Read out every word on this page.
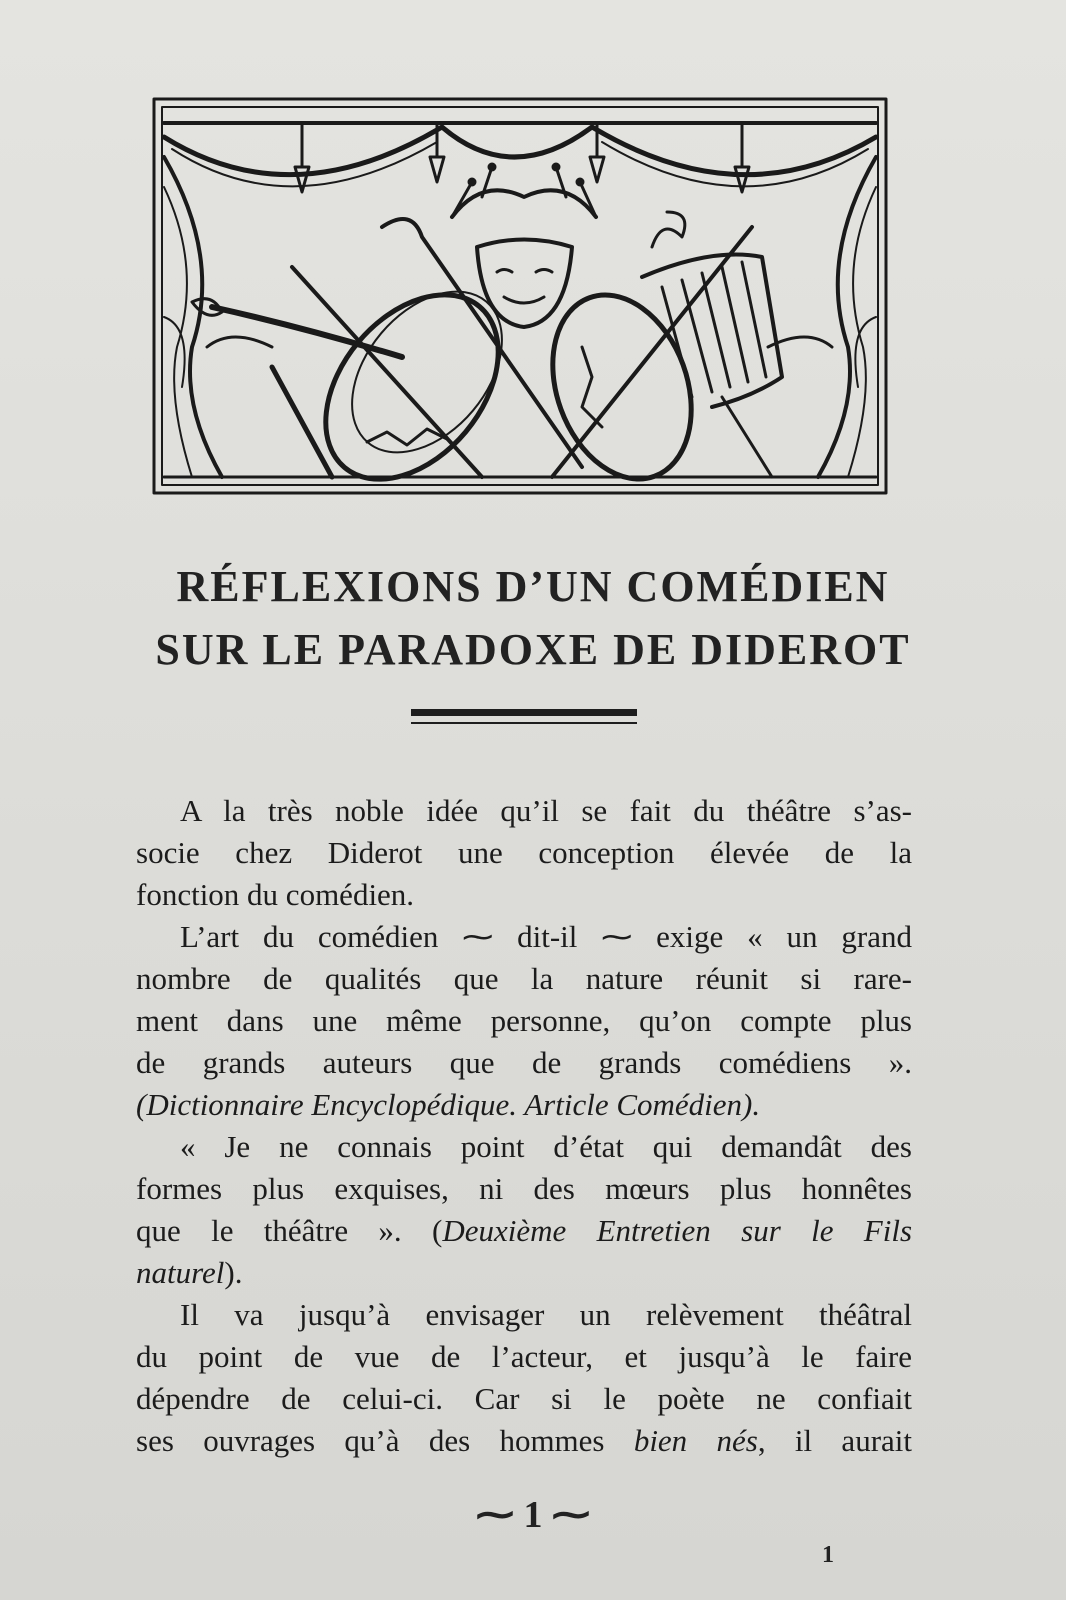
RÉFLEXIONS D’UN COMÉDIEN
SUR LE PARADOXE DE DIDEROT
A la très noble idée qu’il se fait du théâtre s’as-
socie chez Diderot une conception élevée de la
fonction du comédien.
L’art du comédien ⁓ dit-il ⁓ exige « un grand
nombre de qualités que la nature réunit si rare-
ment dans une même personne, qu’on compte plus
de grands auteurs que de grands comédiens ».
(Dictionnaire Encyclopédique. Article Comédien).
« Je ne connais point d’état qui demandât des
formes plus exquises, ni des mœurs plus honnêtes
que le théâtre ». (Deuxième Entretien sur le Fils
naturel).
Il va jusqu’à envisager un relèvement théâtral
du point de vue de l’acteur, et jusqu’à le faire
dépendre de celui-ci. Car si le poète ne confiait
ses ouvrages qu’à des hommes bien nés, il aurait
⁓ 1 ⁓
1
